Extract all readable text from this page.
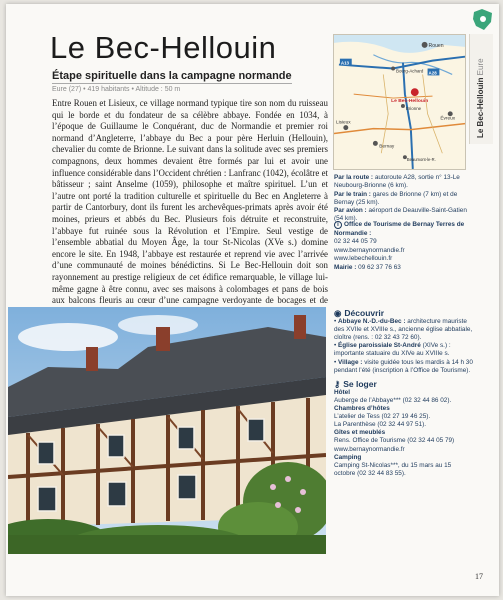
Le Bec-Hellouin
Étape spirituelle dans la campagne normande
Eure (27) • 419 habitants • Altitude : 50 m
Entre Rouen et Lisieux, ce village normand typique tire son nom du ruisseau qui le borde et du fondateur de sa célèbre abbaye. Fondée en 1034, à l’époque de Guillaume le Conquérant, duc de Normandie et premier roi normand d’Angleterre, l’abbaye du Bec a pour père Herluin (Hellouin), chevalier du comte de Brionne. Le suivant dans la solitude avec ses premiers compagnons, deux hommes devaient être formés par lui et avoir une influence considérable dans l’Occident chrétien : Lanfranc (1042), écolâtre et bâtisseur ; saint Anselme (1059), philosophe et maître spirituel. L’un et l’autre ont porté la tradition culturelle et spirituelle du Bec en Angleterre à partir de Cantorbury, dont ils furent les archevêques-primats après avoir été moines, prieurs et abbés du Bec. Plusieurs fois détruite et reconstruite, l’abbaye fut ruinée sous la Révolution et l’Empire. Seul vestige de l’ensemble abbatial du Moyen Âge, la tour St-Nicolas (XVe s.) domine encore le site. En 1948, l’abbaye est restaurée et reprend vie avec l’arrivée d’une communauté de moines bénédictins. Si Le Bec-Hellouin doit son rayonnement au prestige religieux de cet édifice remarquable, le village lui-même gagne à être connu, avec ses maisons à colombages et pans de bois aux balcons fleuris au cœur d’une campagne verdoyante de bocages et de
Rouen
Bourg-Achard
Le Bec-Hellouin
Brionne
Évreux
Bernay
Lisieux
Beaumont-le-R.
A13
A28
Par la route : autoroute A28, sortie n° 13-Le Neubourg-Brionne (6 km).
Par le train : gares de Brionne (7 km) et de Bernay (25 km).
Par avion : aéroport de Deauville-Saint-Gatien (54 km).
i Office de Tourisme de Bernay Terres de Normandie :
02 32 44 05 79
www.bernaynormandie.fr
www.lebechellouin.fr
Mairie : 09 62 37 76 63
Le Bec-Hellouin Eure
◉ Découvrir
• Abbaye N.-D.-du-Bec : architecture mauriste des XVIIe et XVIIIe s., ancienne église abbatiale, cloître (rens. : 02 32 43 72 60).
• Église paroissiale St-André (XIVe s.) : importante statuaire du XIVe au XVIIIe s.
• Village : visite guidée tous les mardis à 14 h 30 pendant l’été (inscription à l’Office de Tourisme).
⚷ Se loger
Hôtel
Auberge de l’Abbaye*** (02 32 44 86 02).
Chambres d’hôtes
L’atelier de Tess (02 27 19 46 25).
La Parenthèse (02 32 44 97 51).
Gîtes et meublés
Rens. Office de Tourisme (02 32 44 05 79)
www.bernaynormandie.fr
Camping
Camping St-Nicolas***, du 15 mars au 15 octobre (02 32 44 83 55).
17
